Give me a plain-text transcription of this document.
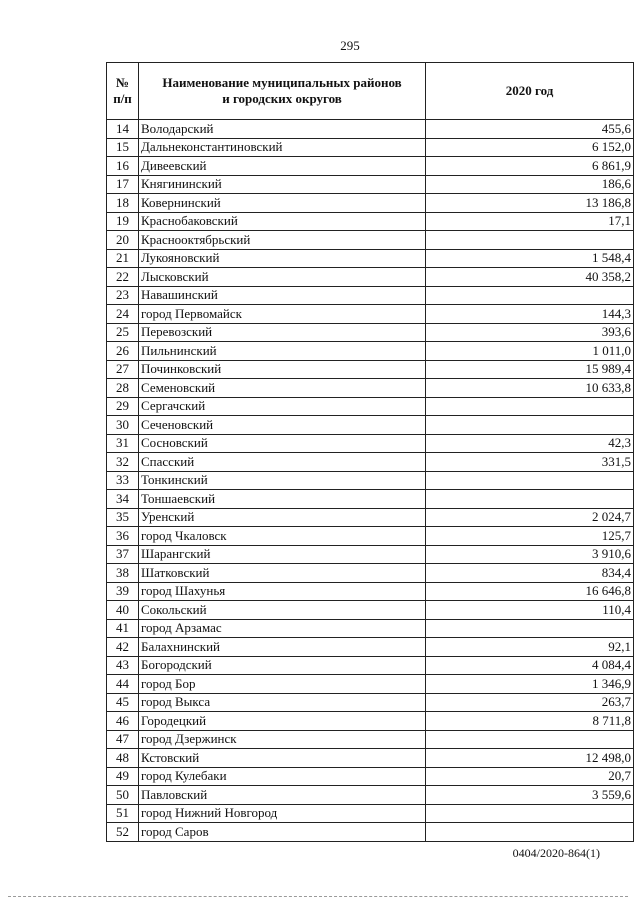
295
№ п/п	Наименование муниципальных районов и городских округов	2020 год
14	Володарский	455,6
15	Дальнеконстантиновский	6 152,0
16	Дивеевский	6 861,9
17	Княгининский	186,6
18	Ковернинский	13 186,8
19	Краснобаковский	17,1
20	Краснооктябрьский	
21	Лукояновский	1 548,4
22	Лысковский	40 358,2
23	Навашинский	
24	город Первомайск	144,3
25	Перевозский	393,6
26	Пильнинский	1 011,0
27	Починковский	15 989,4
28	Семеновский	10 633,8
29	Сергачский	
30	Сеченовский	
31	Сосновский	42,3
32	Спасский	331,5
33	Тонкинский	
34	Тоншаевский	
35	Уренский	2 024,7
36	город Чкаловск	125,7
37	Шарангский	3 910,6
38	Шатковский	834,4
39	город Шахунья	16 646,8
40	Сокольский	110,4
41	город Арзамас	
42	Балахнинский	92,1
43	Богородский	4 084,4
44	город Бор	1 346,9
45	город Выкса	263,7
46	Городецкий	8 711,8
47	город Дзержинск	
48	Кстовский	12 498,0
49	город Кулебаки	20,7
50	Павловский	3 559,6
51	город Нижний Новгород	
52	город Саров	
0404/2020-864(1)
